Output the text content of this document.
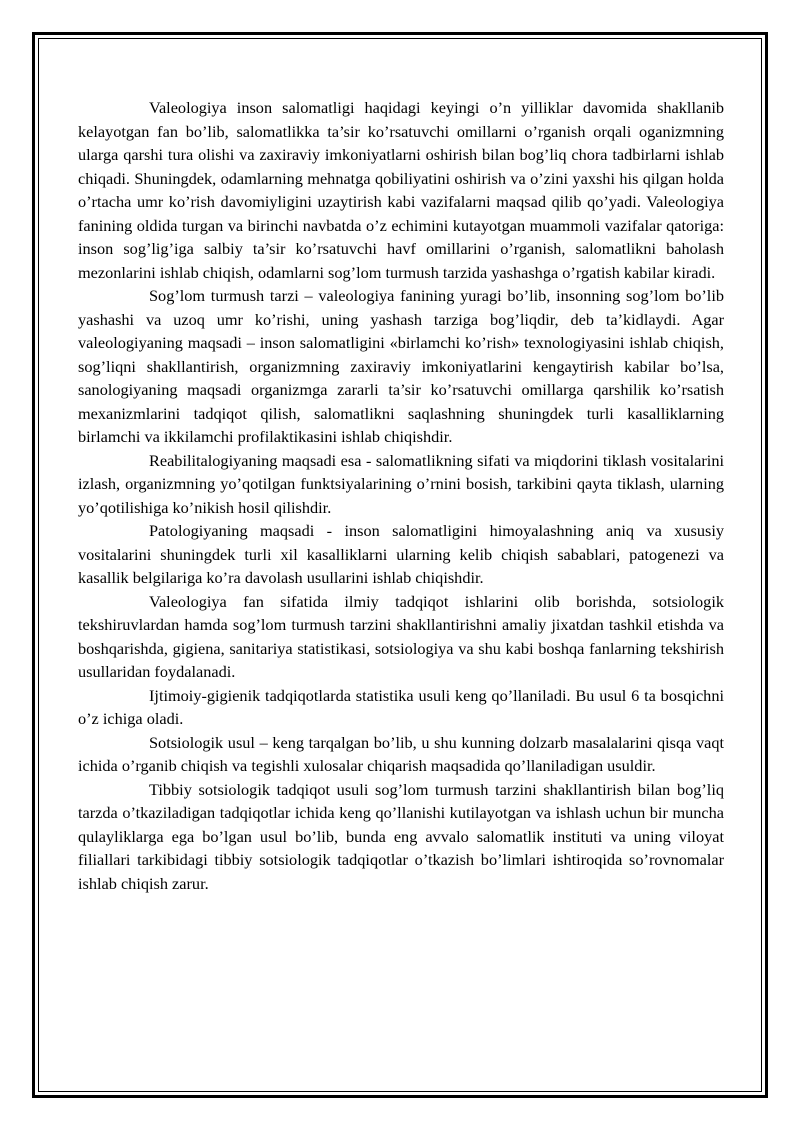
Valeologiya inson salomatligi haqidagi keyingi o’n yilliklar davomida shakllanib kelayotgan fan bo’lib, salomatlikka ta’sir ko’rsatuvchi omillarni o’rganish orqali oganizmning ularga qarshi tura olishi va zaxiraviy imkoniyatlarni oshirish bilan bog’liq chora tadbirlarni ishlab chiqadi. Shuningdek, odamlarning mehnatga qobiliyatini oshirish va o’zini yaxshi his qilgan holda o’rtacha umr ko’rish davomiyligini uzaytirish kabi vazifalarni maqsad qilib qo’yadi. Valeologiya fanining oldida turgan va birinchi navbatda o’z echimini kutayotgan muammoli vazifalar qatoriga: inson sog’lig’iga salbiy ta’sir ko’rsatuvchi havf omillarini o’rganish, salomatlikni baholash mezonlarini ishlab chiqish, odamlarni sog’lom turmush tarzida yashashga o’rgatish kabilar kiradi.

Sog’lom turmush tarzi – valeologiya fanining yuragi bo’lib, insonning sog’lom bo’lib yashashi va uzoq umr ko’rishi, uning yashash tarziga bog’liqdir, deb ta’kidlaydi. Agar valeologiyaning maqsadi – inson salomatligini «birlamchi ko’rish» texnologiyasini ishlab chiqish, sog’liqni shakllantirish, organizmning zaxiraviy imkoniyatlarini kengaytirish kabilar bo’lsa, sanologiyaning maqsadi organizmga zararli ta’sir ko’rsatuvchi omillarga qarshilik ko’rsatish mexanizmlarini tadqiqot qilish, salomatlikni saqlashning shuningdek turli kasalliklarning birlamchi va ikkilamchi profilaktikasini ishlab chiqishdir.

Reabilitalogiyaning maqsadi esa - salomatlikning sifati va miqdorini tiklash vositalarini izlash, organizmning yo’qotilgan funktsiyalarining o’rnini bosish, tarkibini qayta tiklash, ularning yo’qotilishiga ko’nikish hosil qilishdir.

Patologiyaning maqsadi - inson salomatligini himoyalashning aniq va xususiy vositalarini shuningdek turli xil kasalliklarni ularning kelib chiqish sabablari, patogenezi va kasallik belgilariga ko’ra davolash usullarini ishlab chiqishdir.

Valeologiya fan sifatida ilmiy tadqiqot ishlarini olib borishda, sotsiologik tekshiruvlardan hamda sog’lom turmush tarzini shakllantirishni amaliy jixatdan tashkil etishda va boshqarishda, gigiena, sanitariya statistikasi, sotsiologiya va shu kabi boshqa fanlarning tekshirish usullaridan foydalanadi.

Ijtimoiy-gigienik tadqiqotlarda statistika usuli keng qo’llaniladi. Bu usul 6 ta bosqichni o’z ichiga oladi.

Sotsiologik usul – keng tarqalgan bo’lib, u shu kunning dolzarb masalalarini qisqa vaqt ichida o’rganib chiqish va tegishli xulosalar chiqarish maqsadida qo’llaniladigan usuldir.

Tibbiy sotsiologik tadqiqot usuli sog’lom turmush tarzini shakllantirish bilan bog’liq tarzda o’tkaziladigan tadqiqotlar ichida keng qo’llanishi kutilayotgan va ishlash uchun bir muncha qulayliklarga ega bo’lgan usul bo’lib, bunda eng avvalo salomatlik instituti va uning viloyat filiallari tarkibidagi tibbiy sotsiologik tadqiqotlar o’tkazish bo’limlari ishtiroqida so’rovnomalar ishlab chiqish zarur.
